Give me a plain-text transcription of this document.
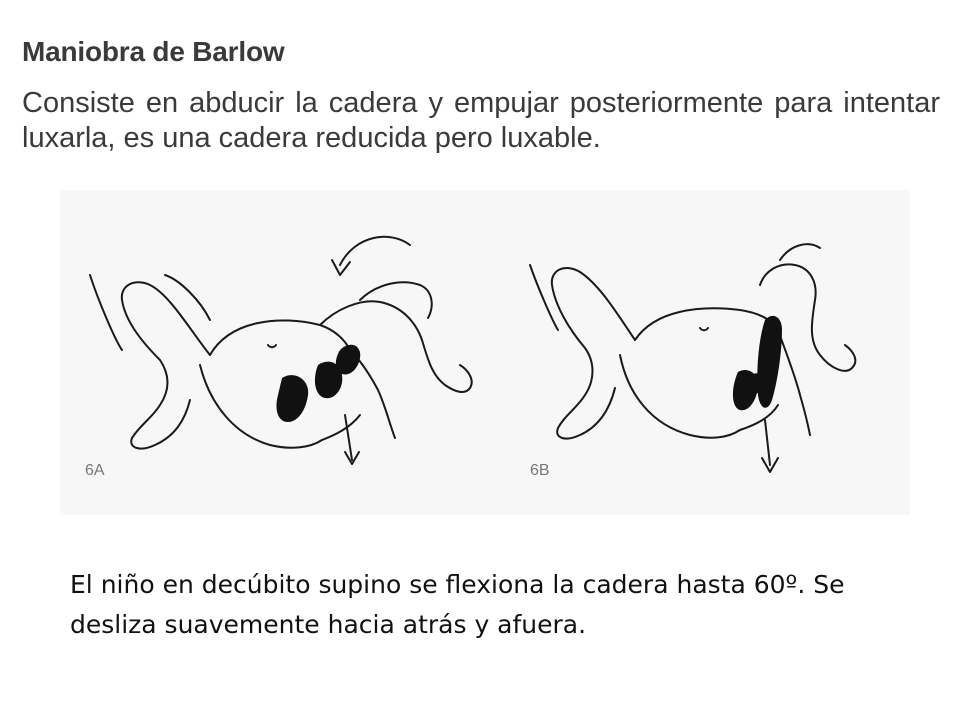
Maniobra de Barlow
Consiste en abducir la cadera y empujar posteriormente para intentar luxarla, es una cadera reducida pero luxable.
6A	6B
El niño en decúbito supino se flexiona la cadera hasta 60º. Se desliza suavemente hacia atrás y afuera.
